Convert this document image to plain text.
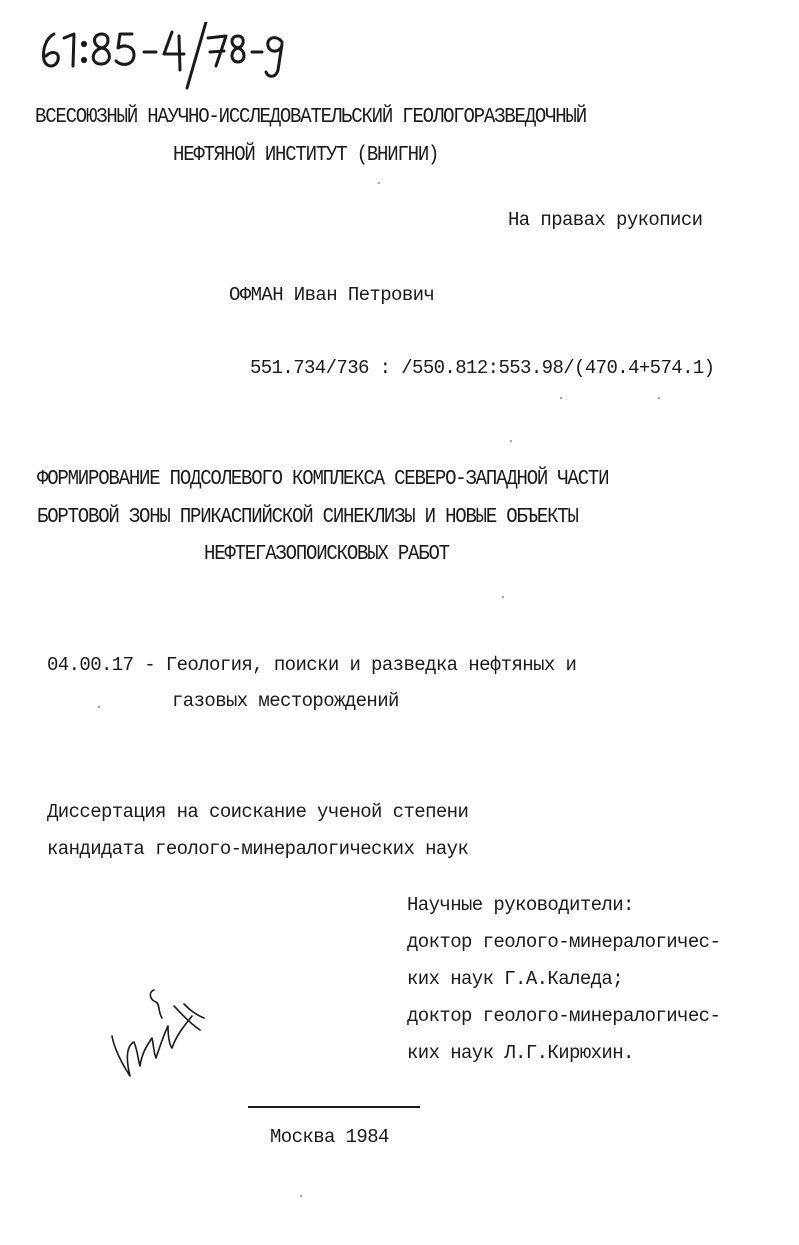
ВСЕСОЮЗНЫЙ НАУЧНО-ИССЛЕДОВАТЕЛЬСКИЙ ГЕОЛОГОРАЗВЕДОЧНЫЙ
НЕФТЯНОЙ ИНСТИТУТ (ВНИГНИ)
На правах рукописи
ОФМАН Иван Петрович
551.734/736 : /550.812:553.98/(470.4+574.1)
ФОРМИРОВАНИЕ ПОДСОЛЕВОГО КОМПЛЕКСА СЕВЕРО-ЗАПАДНОЙ ЧАСТИ
БОРТОВОЙ ЗОНЫ ПРИКАСПИЙСКОЙ СИНЕКЛИЗЫ И НОВЫЕ ОБЪЕКТЫ
НЕФТЕГАЗОПОИСКОВЫХ РАБОТ
04.00.17 - Геология, поиски и разведка нефтяных и
газовых месторождений
Диссертация на соискание ученой степени
кандидата геолого-минералогических наук
Научные руководители:
доктор геолого-минералогичес-
ких наук Г.А.Каледа;
доктор геолого-минералогичес-
ких наук Л.Г.Кирюхин.
Москва 1984
